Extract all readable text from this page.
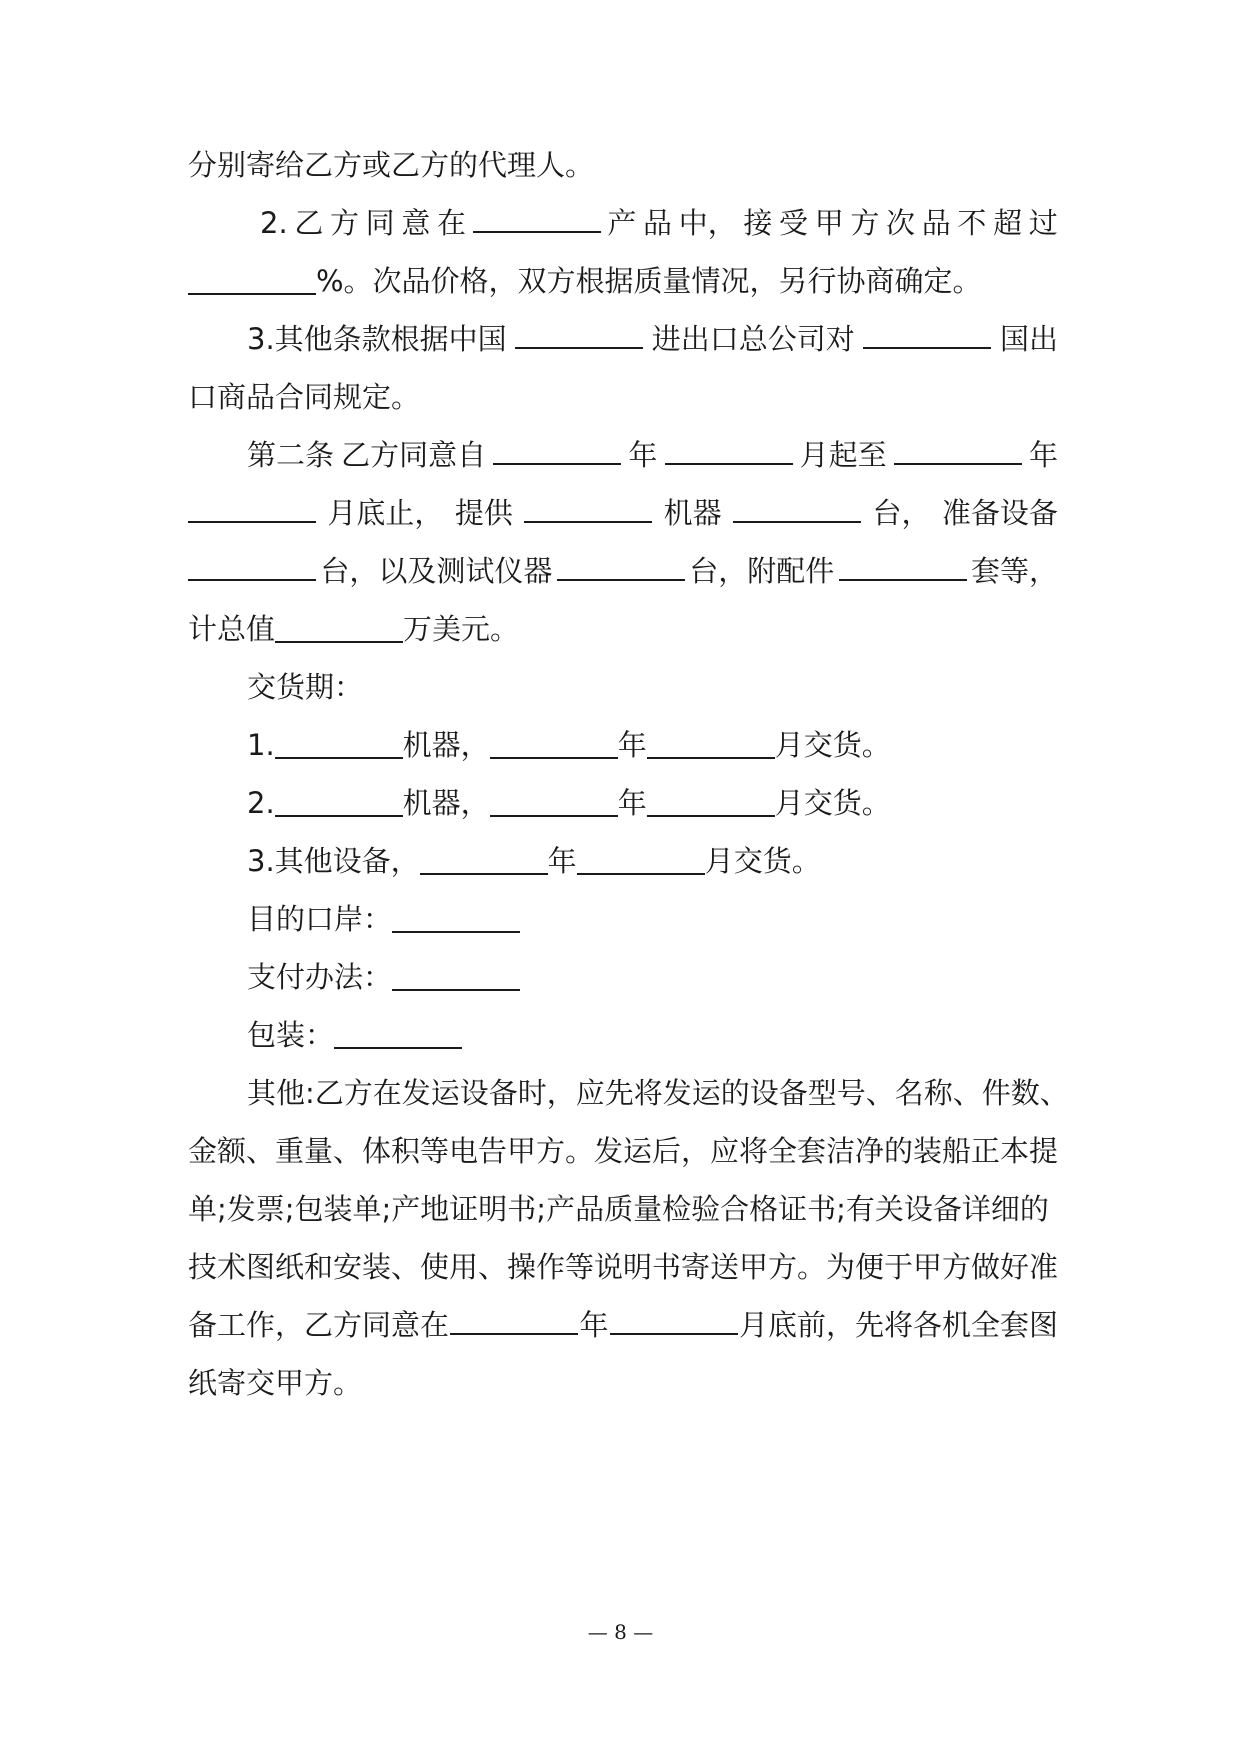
分别寄给乙方或乙方的代理人。
2. 乙 方 同 意 在	产 品 中， 接 受 甲 方 次 品 不 超 过
%。次品价格，双方根据质量情况，另行协商确定。
3.其他条款根据中国	进出口总公司对	国出
口商品合同规定。
第二条 乙方同意自	年	月起至	年
月底止， 提供	机器	台， 准备设备
台，以及测试仪器	台，附配件	套等，
计总值	万美元。
交货期：
1.	机器，	年	月交货。
2.	机器，	年	月交货。
3.其他设备，	年	月交货。
目的口岸：
支付办法：
包装：
其他: 乙方在发运设备时，应先将发运的设备型号、名称、件数、
金额、重量、体积等电告甲方。发运后，应将全套洁净的装船正本提
单;发票;包装单;产地证明书;产品质量检验合格证书;有关设备详细的
技术图纸和安装、使用、操作等说明书寄送甲方。为便于甲方做好准
备工作，乙方同意在	年	月底前，先将各机全套图
纸寄交甲方。
— 8 —
